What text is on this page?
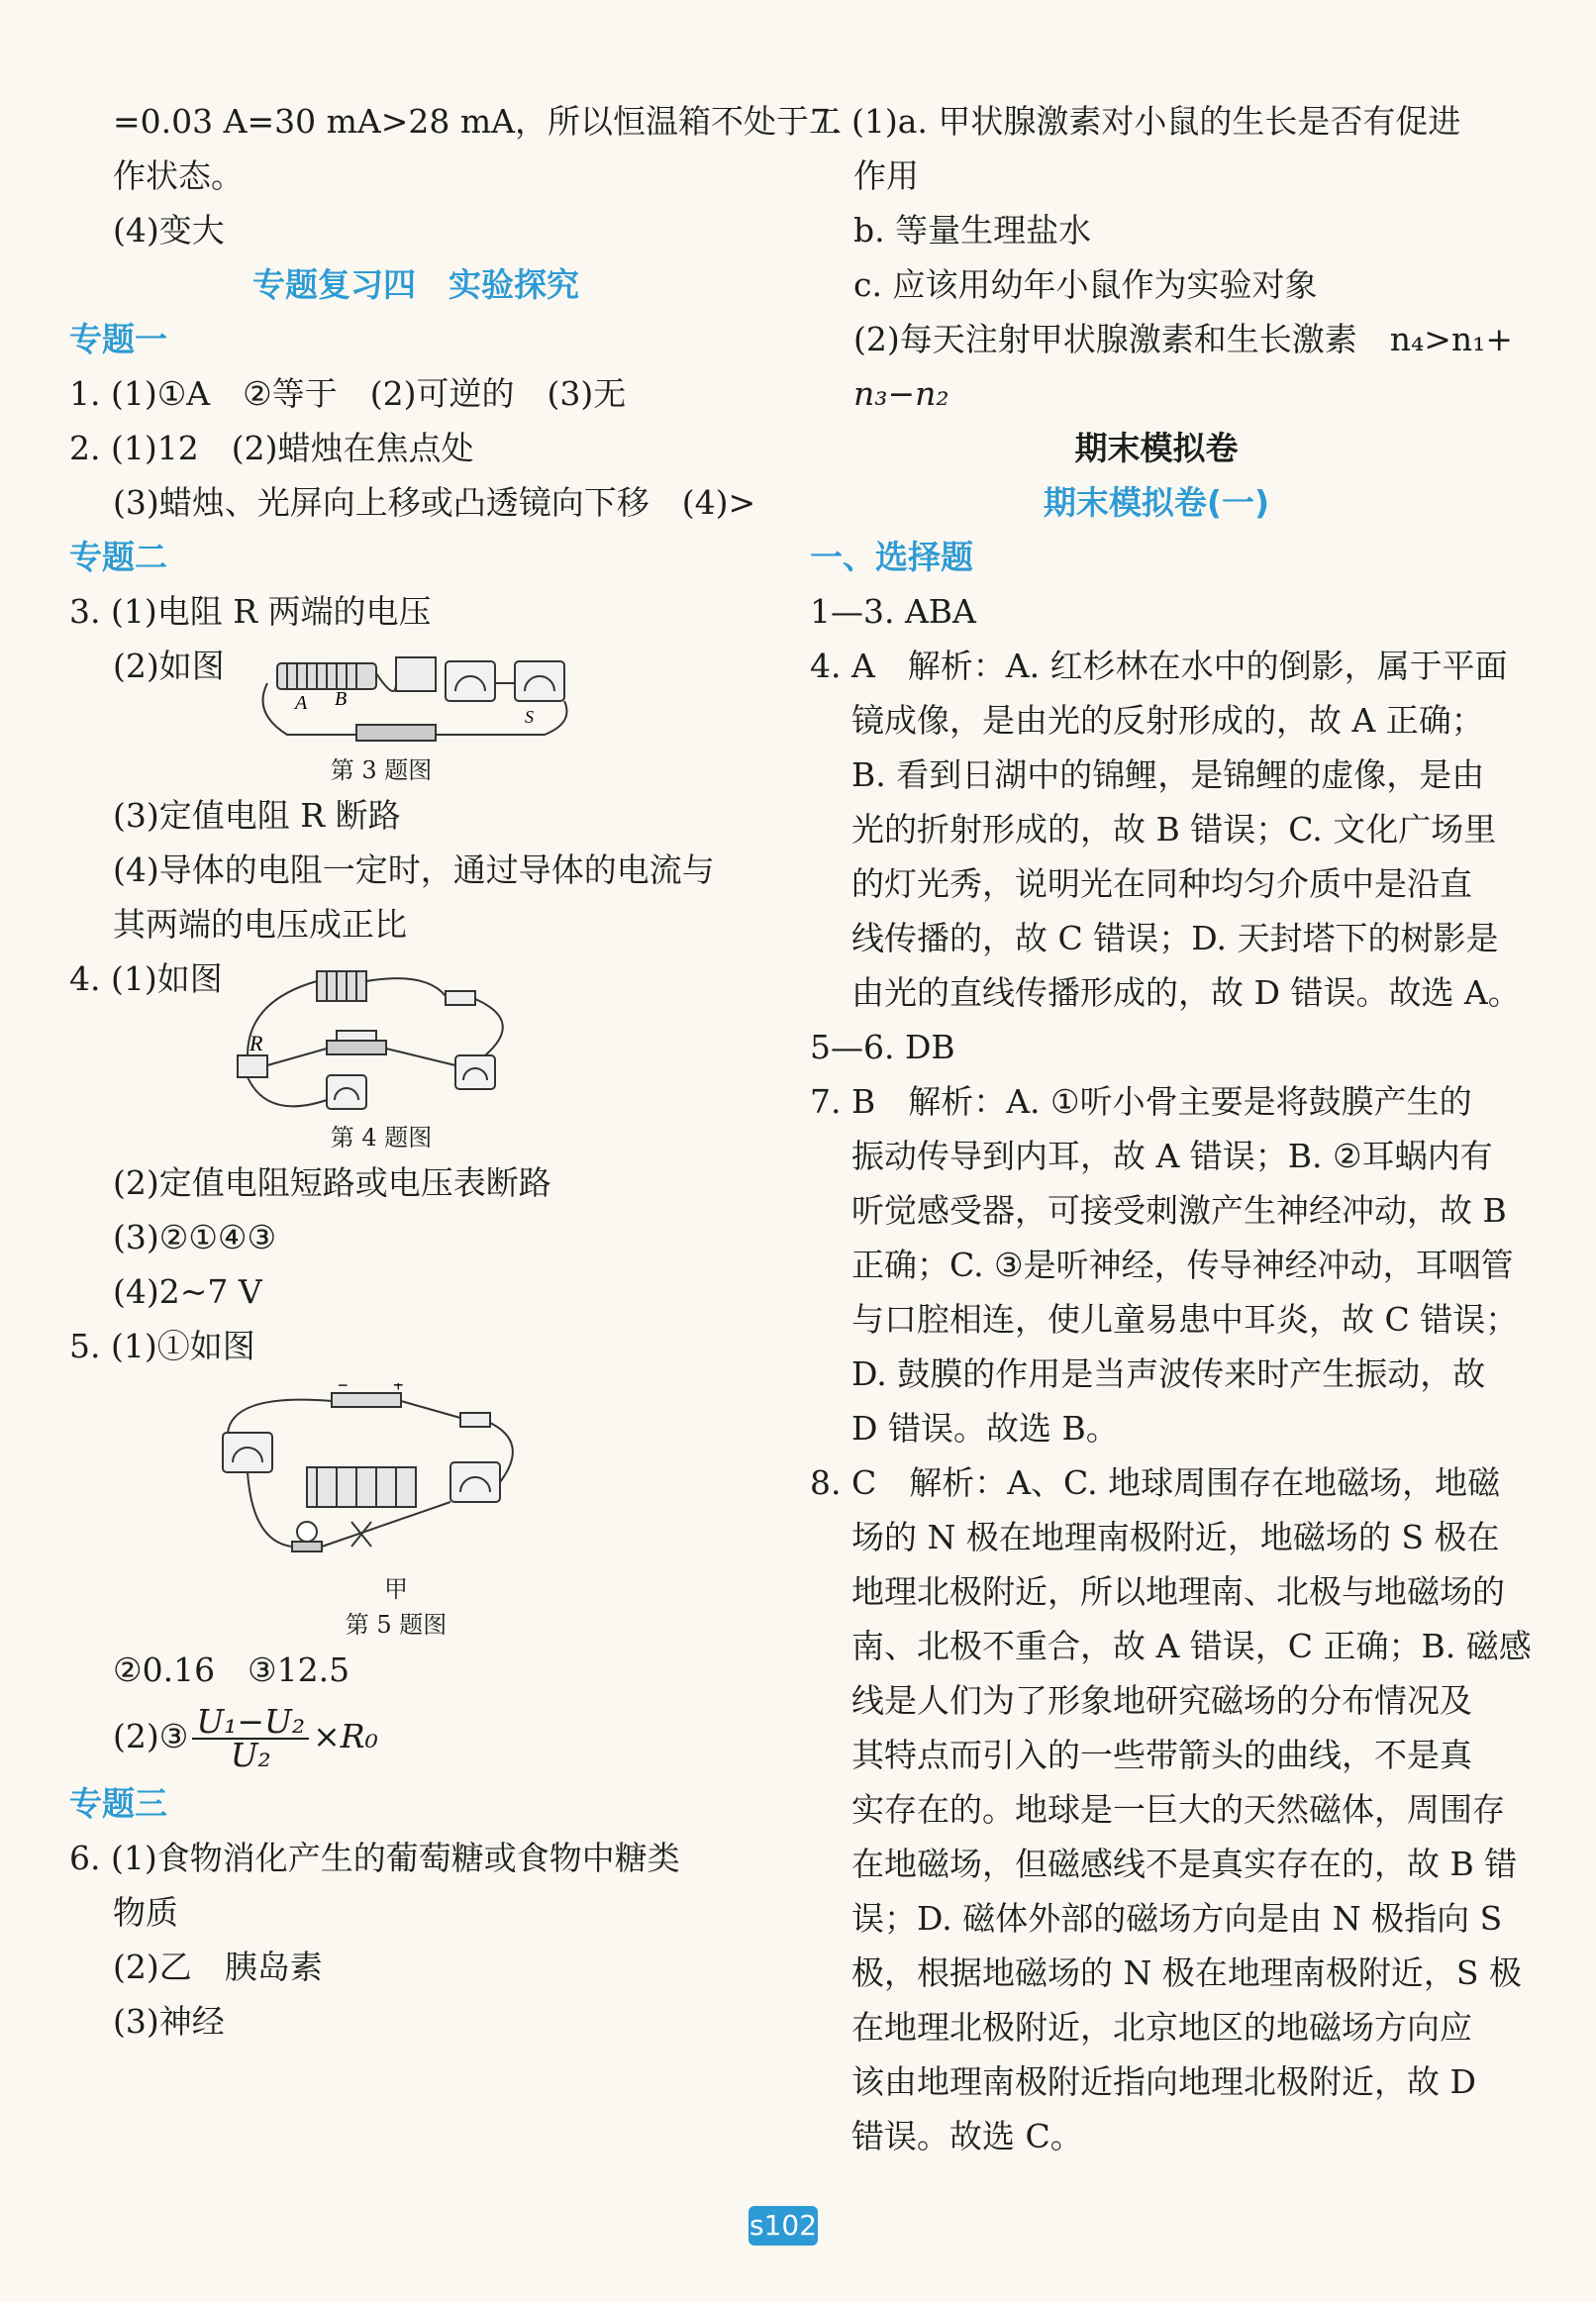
=0.03 A=30 mA>28 mA，所以恒温箱不处于工
作状态。
(4)变大
专题复习四　实验探究
专题一
1. (1)①A　②等于　(2)可逆的　(3)无
2. (1)12　(2)蜡烛在焦点处
(3)蜡烛、光屏向上移或凸透镜向下移　(4)>
专题二
3. (1)电阻 R 两端的电压
(2)如图
A B
S
第 3 题图
(3)定值电阻 R 断路
(4)导体的电阻一定时，通过导体的电流与
其两端的电压成正比
4. (1)如图
R
第 4 题图
(2)定值电阻短路或电压表断路
(3)②①④③
(4)2~7 V
5. (1)①如图
−	+
甲
第 5 题图
②0.16　③12.5
(2)③ $\frac{\text{U₁−U₂}}{\text{U₂}} \times R_0$
专题三
6. (1)食物消化产生的葡萄糖或食物中糖类
物质
(2)乙　胰岛素
(3)神经
7. (1)a. 甲状腺激素对小鼠的生长是否有促进
作用
b. 等量生理盐水
c. 应该用幼年小鼠作为实验对象
(2)每天注射甲状腺激素和生长激素　n₄>n₁+
n₃−n₂
期末模拟卷
期末模拟卷(一)
一、选择题
1—3. ABA
4. A　解析：A. 红杉林在水中的倒影，属于平面
镜成像，是由光的反射形成的，故 A 正确；
B. 看到日湖中的锦鲤，是锦鲤的虚像，是由
光的折射形成的，故 B 错误；C. 文化广场里
的灯光秀，说明光在同种均匀介质中是沿直
线传播的，故 C 错误；D. 天封塔下的树影是
由光的直线传播形成的，故 D 错误。故选 A。
5—6. DB
7. B　解析：A. ①听小骨主要是将鼓膜产生的
振动传导到内耳，故 A 错误；B. ②耳蜗内有
听觉感受器，可接受刺激产生神经冲动，故 B
正确；C. ③是听神经，传导神经冲动，耳咽管
与口腔相连，使儿童易患中耳炎，故 C 错误；
D. 鼓膜的作用是当声波传来时产生振动，故
D 错误。故选 B。
8. C　解析：A、C. 地球周围存在地磁场，地磁
场的 N 极在地理南极附近，地磁场的 S 极在
地理北极附近，所以地理南、北极与地磁场的
南、北极不重合，故 A 错误，C 正确；B. 磁感
线是人们为了形象地研究磁场的分布情况及
其特点而引入的一些带箭头的曲线，不是真
实存在的。地球是一巨大的天然磁体，周围存
在地磁场，但磁感线不是真实存在的，故 B 错
误；D. 磁体外部的磁场方向是由 N 极指向 S
极，根据地磁场的 N 极在地理南极附近，S 极
在地理北极附近，北京地区的地磁场方向应
该由地理南极附近指向地理北极附近，故 D
错误。故选 C。
s102
